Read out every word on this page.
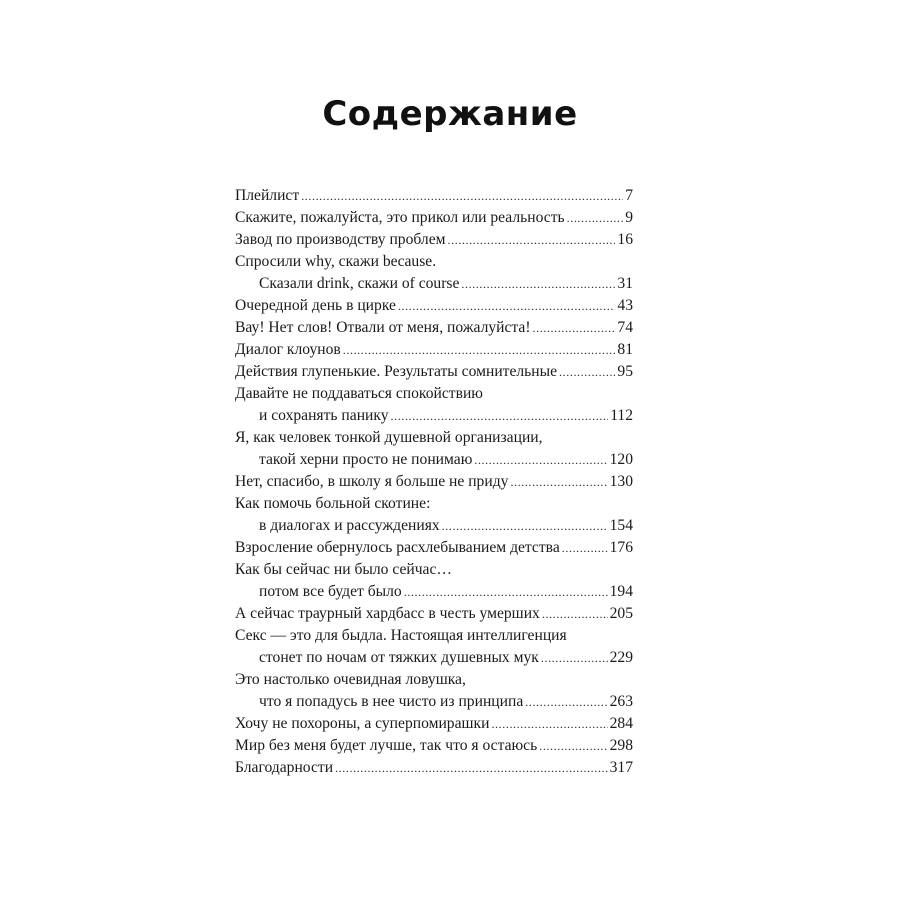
Содержание
Плейлист .....	7
Скажите, пожалуйста, это прикол или реальность .....	9
Завод по производству проблем .....	16
Спросили why, скажи because.
Сказали drink, скажи of course .....	31
Очередной день в цирке .....	43
Вау! Нет слов! Отвали от меня, пожалуйста! .....	74
Диалог клоунов .....	81
Действия глупенькие. Результаты сомнительные .....	95
Давайте не поддаваться спокойствию
и сохранять панику .....	112
Я, как человек тонкой душевной организации,
такой херни просто не понимаю .....	120
Нет, спасибо, в школу я больше не приду .....	130
Как помочь больной скотине:
в диалогах и рассуждениях .....	154
Взросление обернулось расхлебыванием детства .....	176
Как бы сейчас ни было сейчас…
потом все будет было .....	194
А сейчас траурный хардбасс в честь умерших .....	205
Секс — это для быдла. Настоящая интеллигенция
стонет по ночам от тяжких душевных мук .....	229
Это настолько очевидная ловушка,
что я попадусь в нее чисто из принципа .....	263
Хочу не похороны, а суперпомирашки .....	284
Мир без меня будет лучше, так что я остаюсь .....	298
Благодарности .....	317
